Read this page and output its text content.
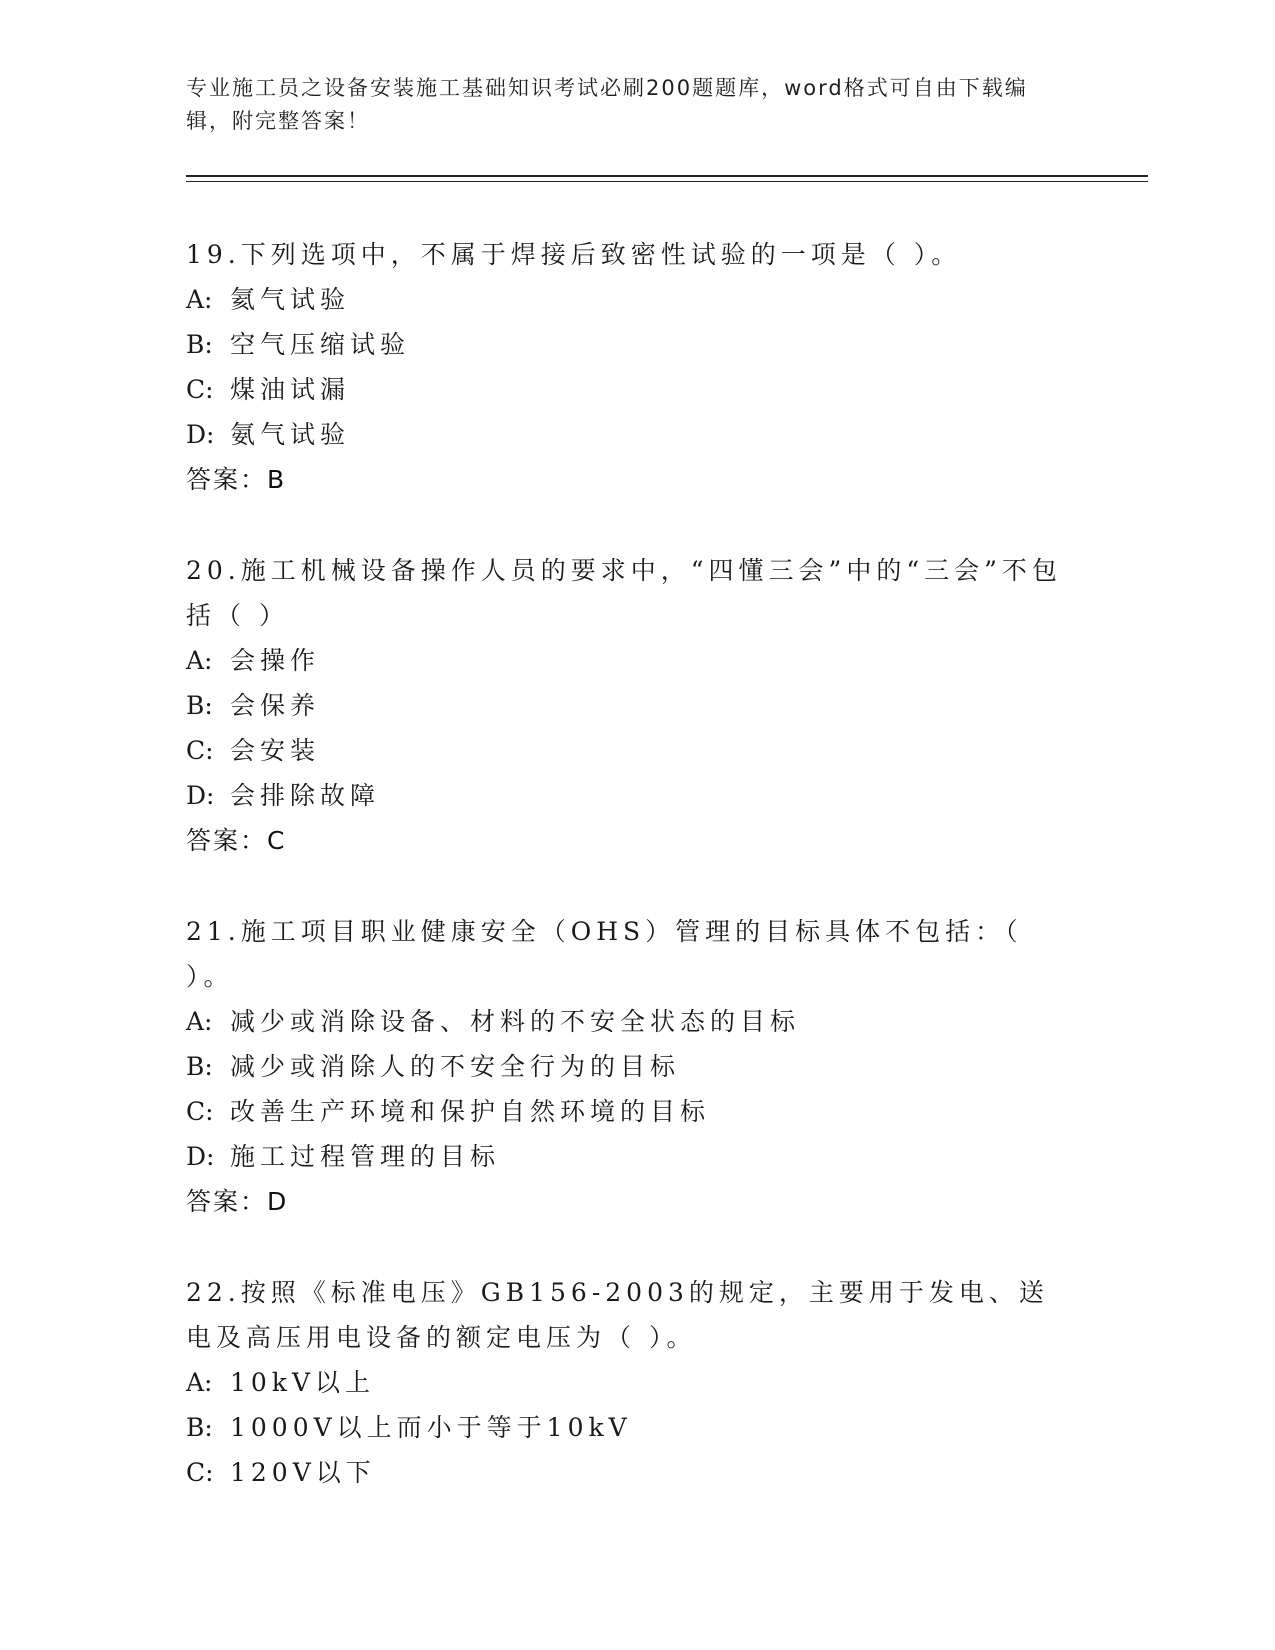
专业施工员之设备安装施工基础知识考试必刷200题题库，word格式可自由下载编辑，附完整答案！
19.下列选项中，不属于焊接后致密性试验的一项是（ ）。
A: 氦气试验
B: 空气压缩试验
C: 煤油试漏
D: 氨气试验
答案：B
20.施工机械设备操作人员的要求中，“四懂三会”中的“三会”不包括（ ）
A: 会操作
B: 会保养
C: 会安装
D: 会排除故障
答案：C
21.施工项目职业健康安全（OHS）管理的目标具体不包括：（ ）。
A: 减少或消除设备、材料的不安全状态的目标
B: 减少或消除人的不安全行为的目标
C: 改善生产环境和保护自然环境的目标
D: 施工过程管理的目标
答案：D
22.按照《标准电压》GB156-2003的规定，主要用于发电、送电及高压用电设备的额定电压为（ ）。
A: 10kV以上
B: 1000V以上而小于等于10kV
C: 120V以下
